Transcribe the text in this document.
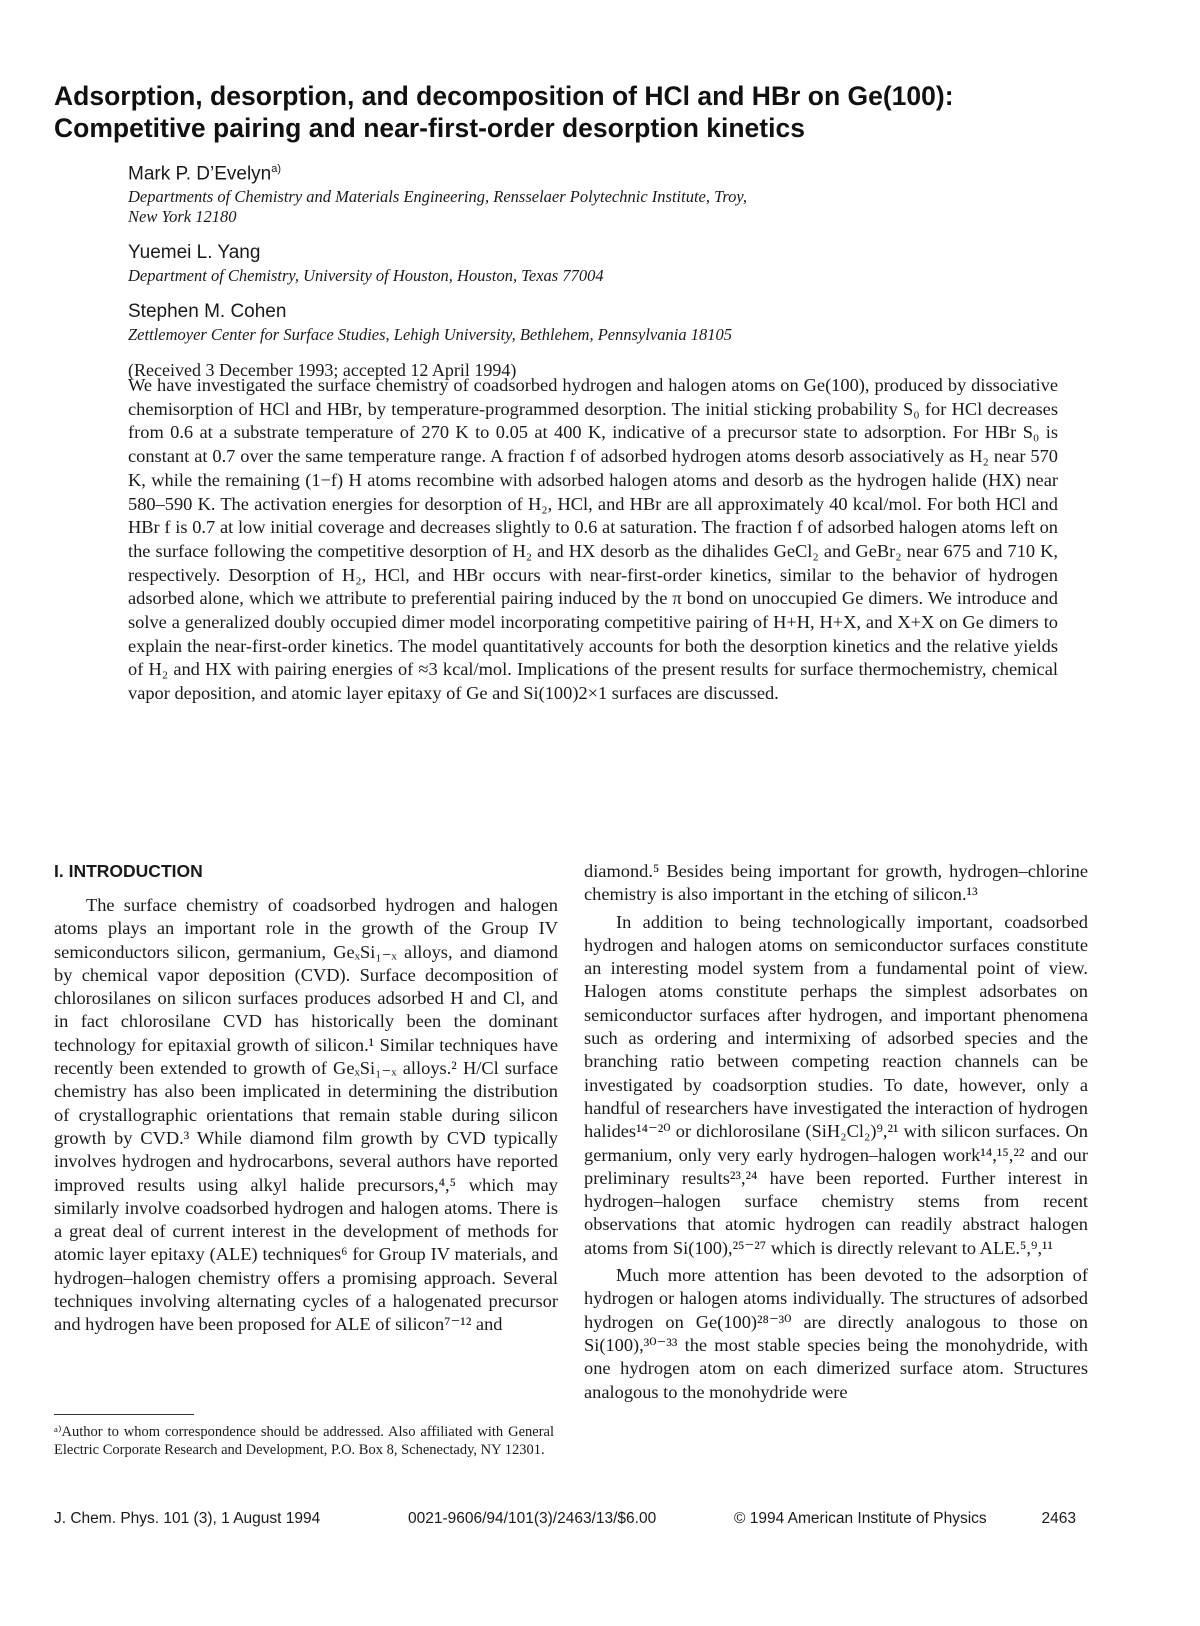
Adsorption, desorption, and decomposition of HCl and HBr on Ge(100):
Competitive pairing and near-first-order desorption kinetics

Mark P. D’Evelyn$^{a)}$

Departments of Chemistry and Materials Engineering, Rensselaer Polytechnic Institute, Troy,
New York 12180

Yuemei L. Yang

Department of Chemistry, University of Houston, Houston, Texas 77004

Stephen M. Cohen

Zettlemoyer Center for Surface Studies, Lehigh University, Bethlehem, Pennsylvania 18105

(Received 3 December 1993; accepted 12 April 1994)

We have investigated the surface chemistry of coadsorbed hydrogen and halogen atoms on Ge(100), produced by dissociative chemisorption of HCl and HBr, by temperature-programmed desorption. The initial sticking probability S₀ for HCl decreases from 0.6 at a substrate temperature of 270 K to 0.05 at 400 K, indicative of a precursor state to adsorption. For HBr S₀ is constant at 0.7 over the same temperature range. A fraction f of adsorbed hydrogen atoms desorb associatively as H₂ near 570 K, while the remaining (1−f) H atoms recombine with adsorbed halogen atoms and desorb as the hydrogen halide (HX) near 580–590 K. The activation energies for desorption of H₂, HCl, and HBr are all approximately 40 kcal/mol. For both HCl and HBr f is 0.7 at low initial coverage and decreases slightly to 0.6 at saturation. The fraction f of adsorbed halogen atoms left on the surface following the competitive desorption of H₂ and HX desorb as the dihalides GeCl₂ and GeBr₂ near 675 and 710 K, respectively. Desorption of H₂, HCl, and HBr occurs with near-first-order kinetics, similar to the behavior of hydrogen adsorbed alone, which we attribute to preferential pairing induced by the π bond on unoccupied Ge dimers. We introduce and solve a generalized doubly occupied dimer model incorporating competitive pairing of H+H, H+X, and X+X on Ge dimers to explain the near-first-order kinetics. The model quantitatively accounts for both the desorption kinetics and the relative yields of H₂ and HX with pairing energies of ≈3 kcal/mol. Implications of the present results for surface thermochemistry, chemical vapor deposition, and atomic layer epitaxy of Ge and Si(100)2×1 surfaces are discussed.

I. INTRODUCTION

The surface chemistry of coadsorbed hydrogen and halogen atoms plays an important role in the growth of the Group IV semiconductors silicon, germanium, GeₓSi₁₋ₓ alloys, and diamond by chemical vapor deposition (CVD). Surface decomposition of chlorosilanes on silicon surfaces produces adsorbed H and Cl, and in fact chlorosilane CVD has historically been the dominant technology for epitaxial growth of silicon.¹ Similar techniques have recently been extended to growth of GeₓSi₁₋ₓ alloys.² H/Cl surface chemistry has also been implicated in determining the distribution of crystallographic orientations that remain stable during silicon growth by CVD.³ While diamond film growth by CVD typically involves hydrogen and hydrocarbons, several authors have reported improved results using alkyl halide precursors,⁴,⁵ which may similarly involve coadsorbed hydrogen and halogen atoms. There is a great deal of current interest in the development of methods for atomic layer epitaxy (ALE) techniques⁶ for Group IV materials, and hydrogen–halogen chemistry offers a promising approach. Several techniques involving alternating cycles of a halogenated precursor and hydrogen have been proposed for ALE of silicon⁷⁻¹² and

diamond.⁵ Besides being important for growth, hydrogen–chlorine chemistry is also important in the etching of silicon.¹³

In addition to being technologically important, coadsorbed hydrogen and halogen atoms on semiconductor surfaces constitute an interesting model system from a fundamental point of view. Halogen atoms constitute perhaps the simplest adsorbates on semiconductor surfaces after hydrogen, and important phenomena such as ordering and intermixing of adsorbed species and the branching ratio between competing reaction channels can be investigated by coadsorption studies. To date, however, only a handful of researchers have investigated the interaction of hydrogen halides¹⁴⁻²⁰ or dichlorosilane (SiH₂Cl₂)⁹,²¹ with silicon surfaces. On germanium, only very early hydrogen–halogen work¹⁴,¹⁵,²² and our preliminary results²³,²⁴ have been reported. Further interest in hydrogen–halogen surface chemistry stems from recent observations that atomic hydrogen can readily abstract halogen atoms from Si(100),²⁵⁻²⁷ which is directly relevant to ALE.⁵,⁹,¹¹

Much more attention has been devoted to the adsorption of hydrogen or halogen atoms individually. The structures of adsorbed hydrogen on Ge(100)²⁸⁻³⁰ are directly analogous to those on Si(100),³⁰⁻³³ the most stable species being the monohydride, with one hydrogen atom on each dimerized surface atom. Structures analogous to the monohydride were

ᵃ⁾Author to whom correspondence should be addressed. Also affiliated with General Electric Corporate Research and Development, P.O. Box 8, Schenectady, NY 12301.

J. Chem. Phys. 101 (3), 1 August 1994	0021-9606/94/101(3)/2463/13/$6.00	© 1994 American Institute of Physics	2463
